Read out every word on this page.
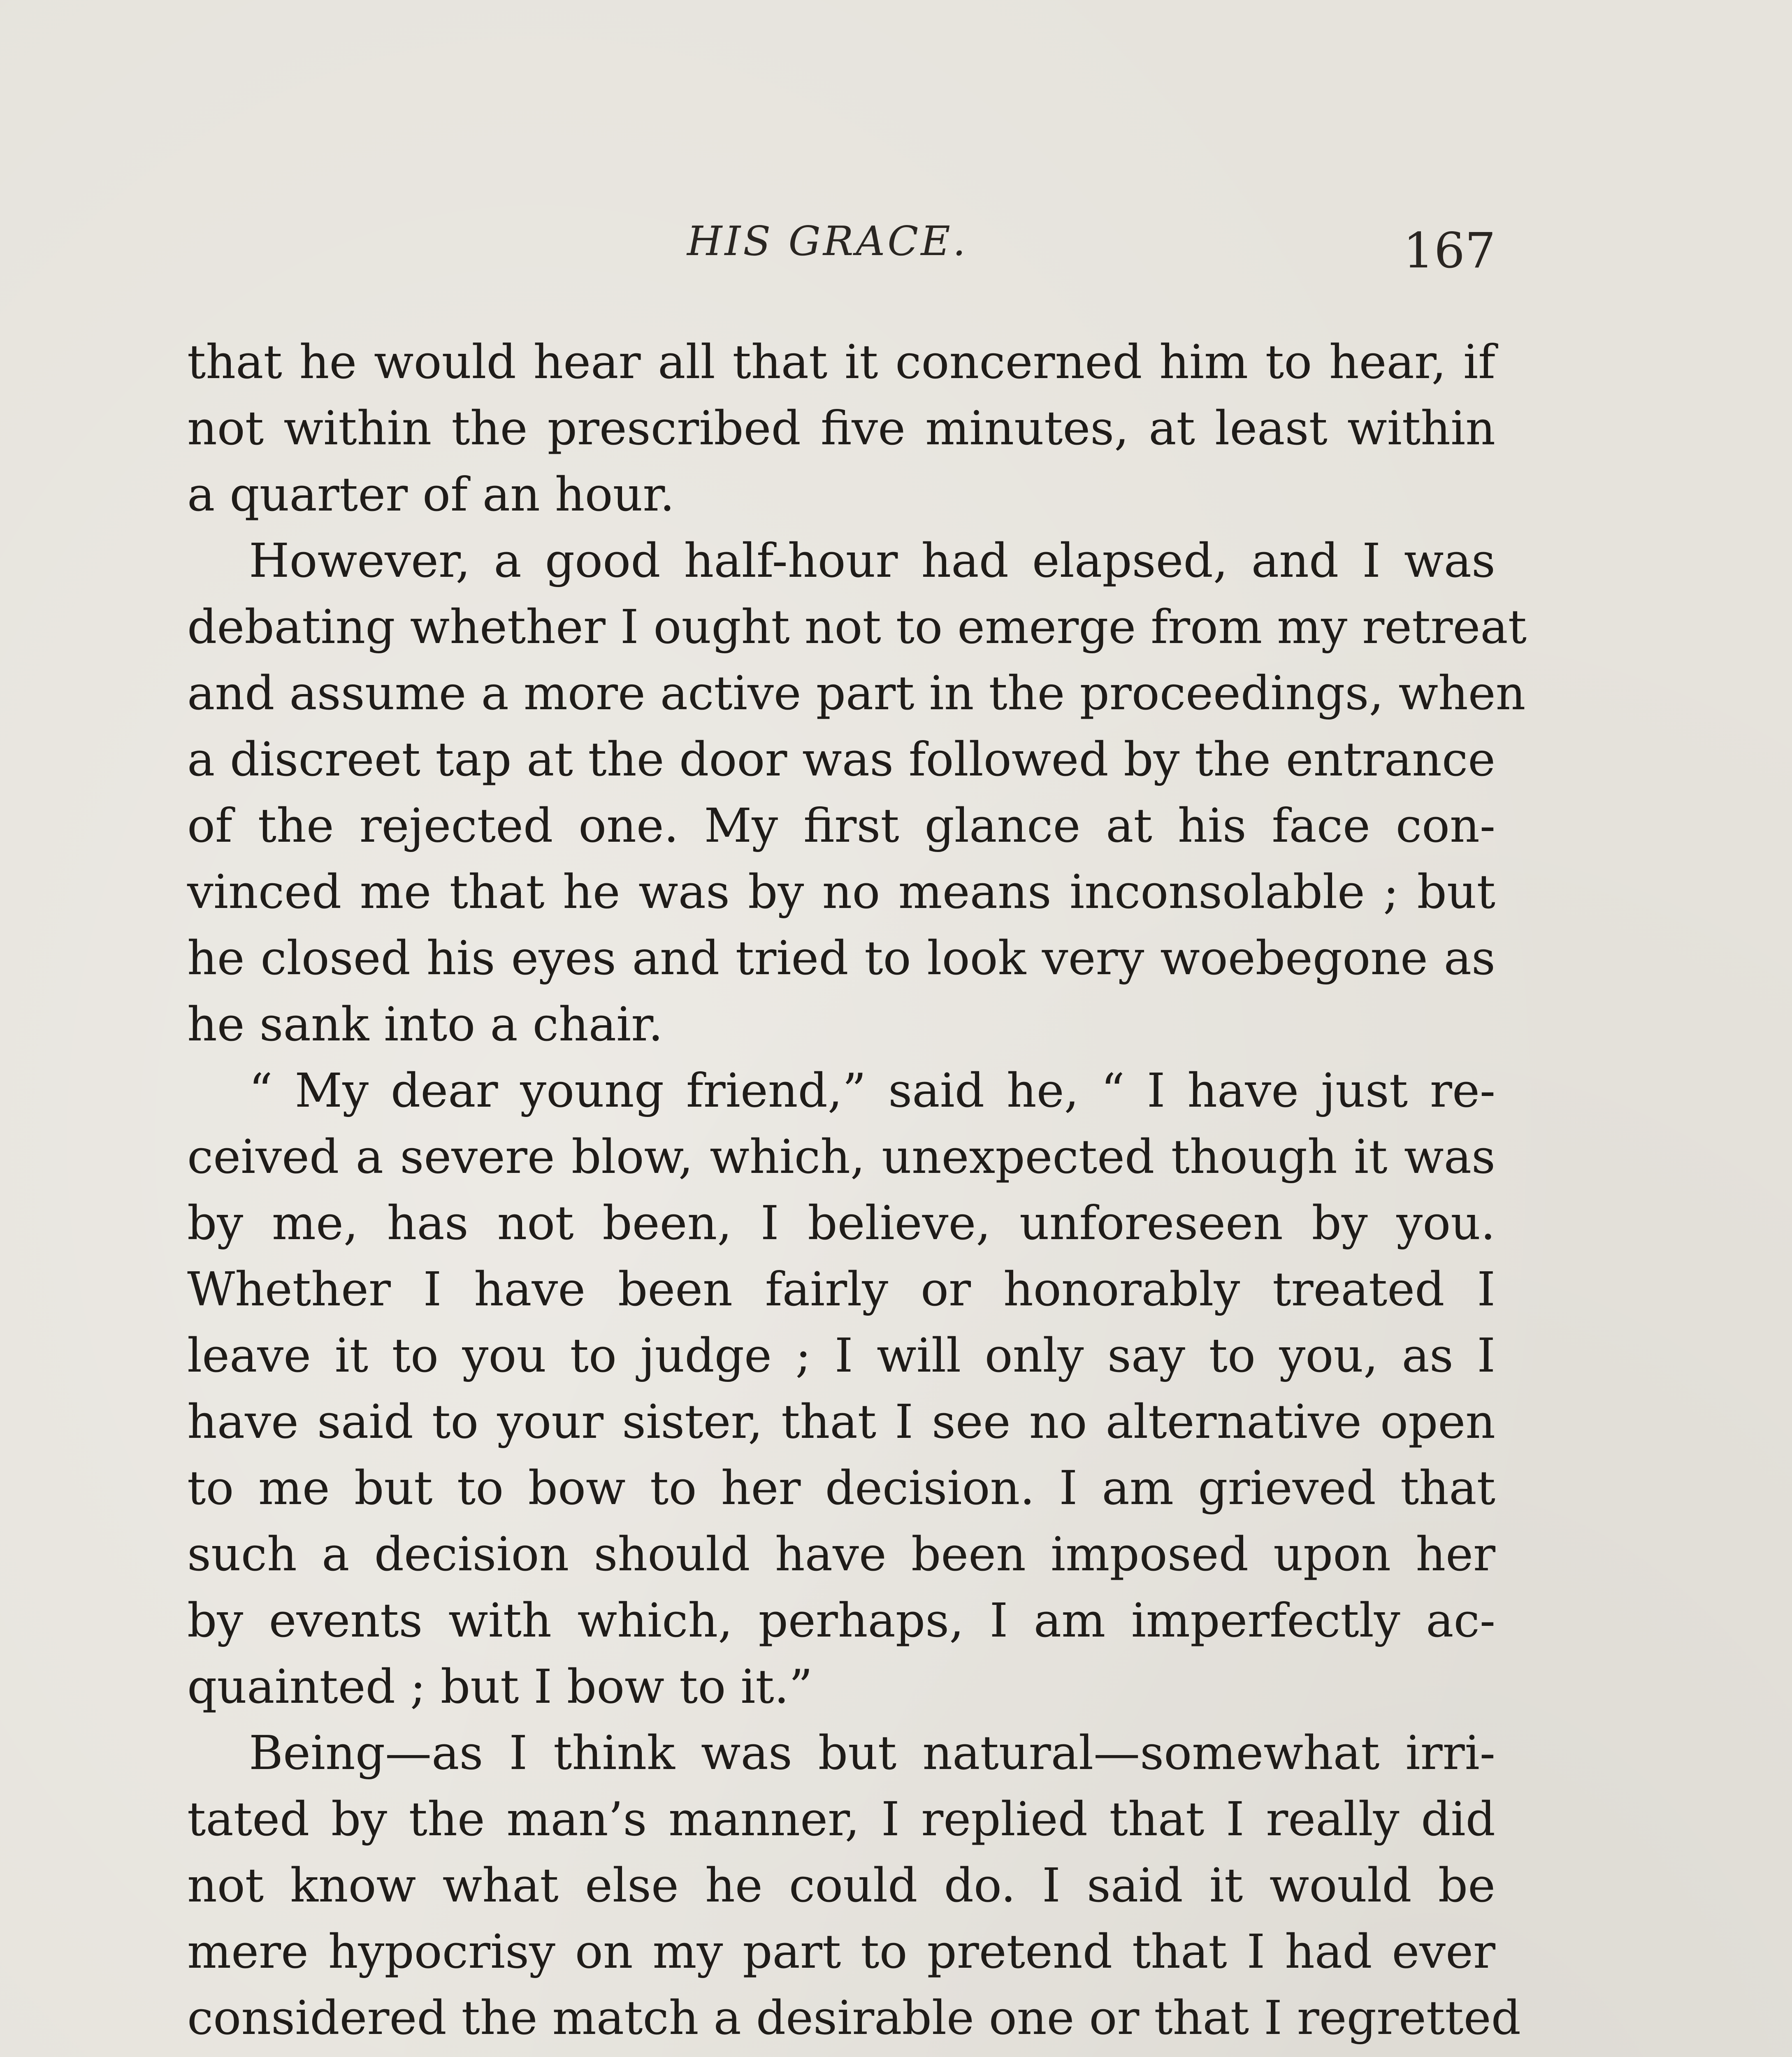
HIS GRACE.	167
that he would hear all that it concerned him to hear, if
not within the prescribed five minutes, at least within
a quarter of an hour.
However, a good half-hour had elapsed, and I was
debating whether I ought not to emerge from my retreat
and assume a more active part in the proceedings, when
a discreet tap at the door was followed by the entrance
of the rejected one. My first glance at his face con-
vinced me that he was by no means inconsolable ; but
he closed his eyes and tried to look very woebegone as
he sank into a chair.
“ My dear young friend,” said he, “ I have just re-
ceived a severe blow, which, unexpected though it was
by me, has not been, I believe, unforeseen by you.
Whether I have been fairly or honorably treated I
leave it to you to judge ; I will only say to you, as I
have said to your sister, that I see no alternative open
to me but to bow to her decision. I am grieved that
such a decision should have been imposed upon her
by events with which, perhaps, I am imperfectly ac-
quainted ; but I bow to it.”
Being—as I think was but natural—somewhat irri-
tated by the man’s manner, I replied that I really did
not know what else he could do. I said it would be
mere hypocrisy on my part to pretend that I had ever
considered the match a desirable one or that I regretted
